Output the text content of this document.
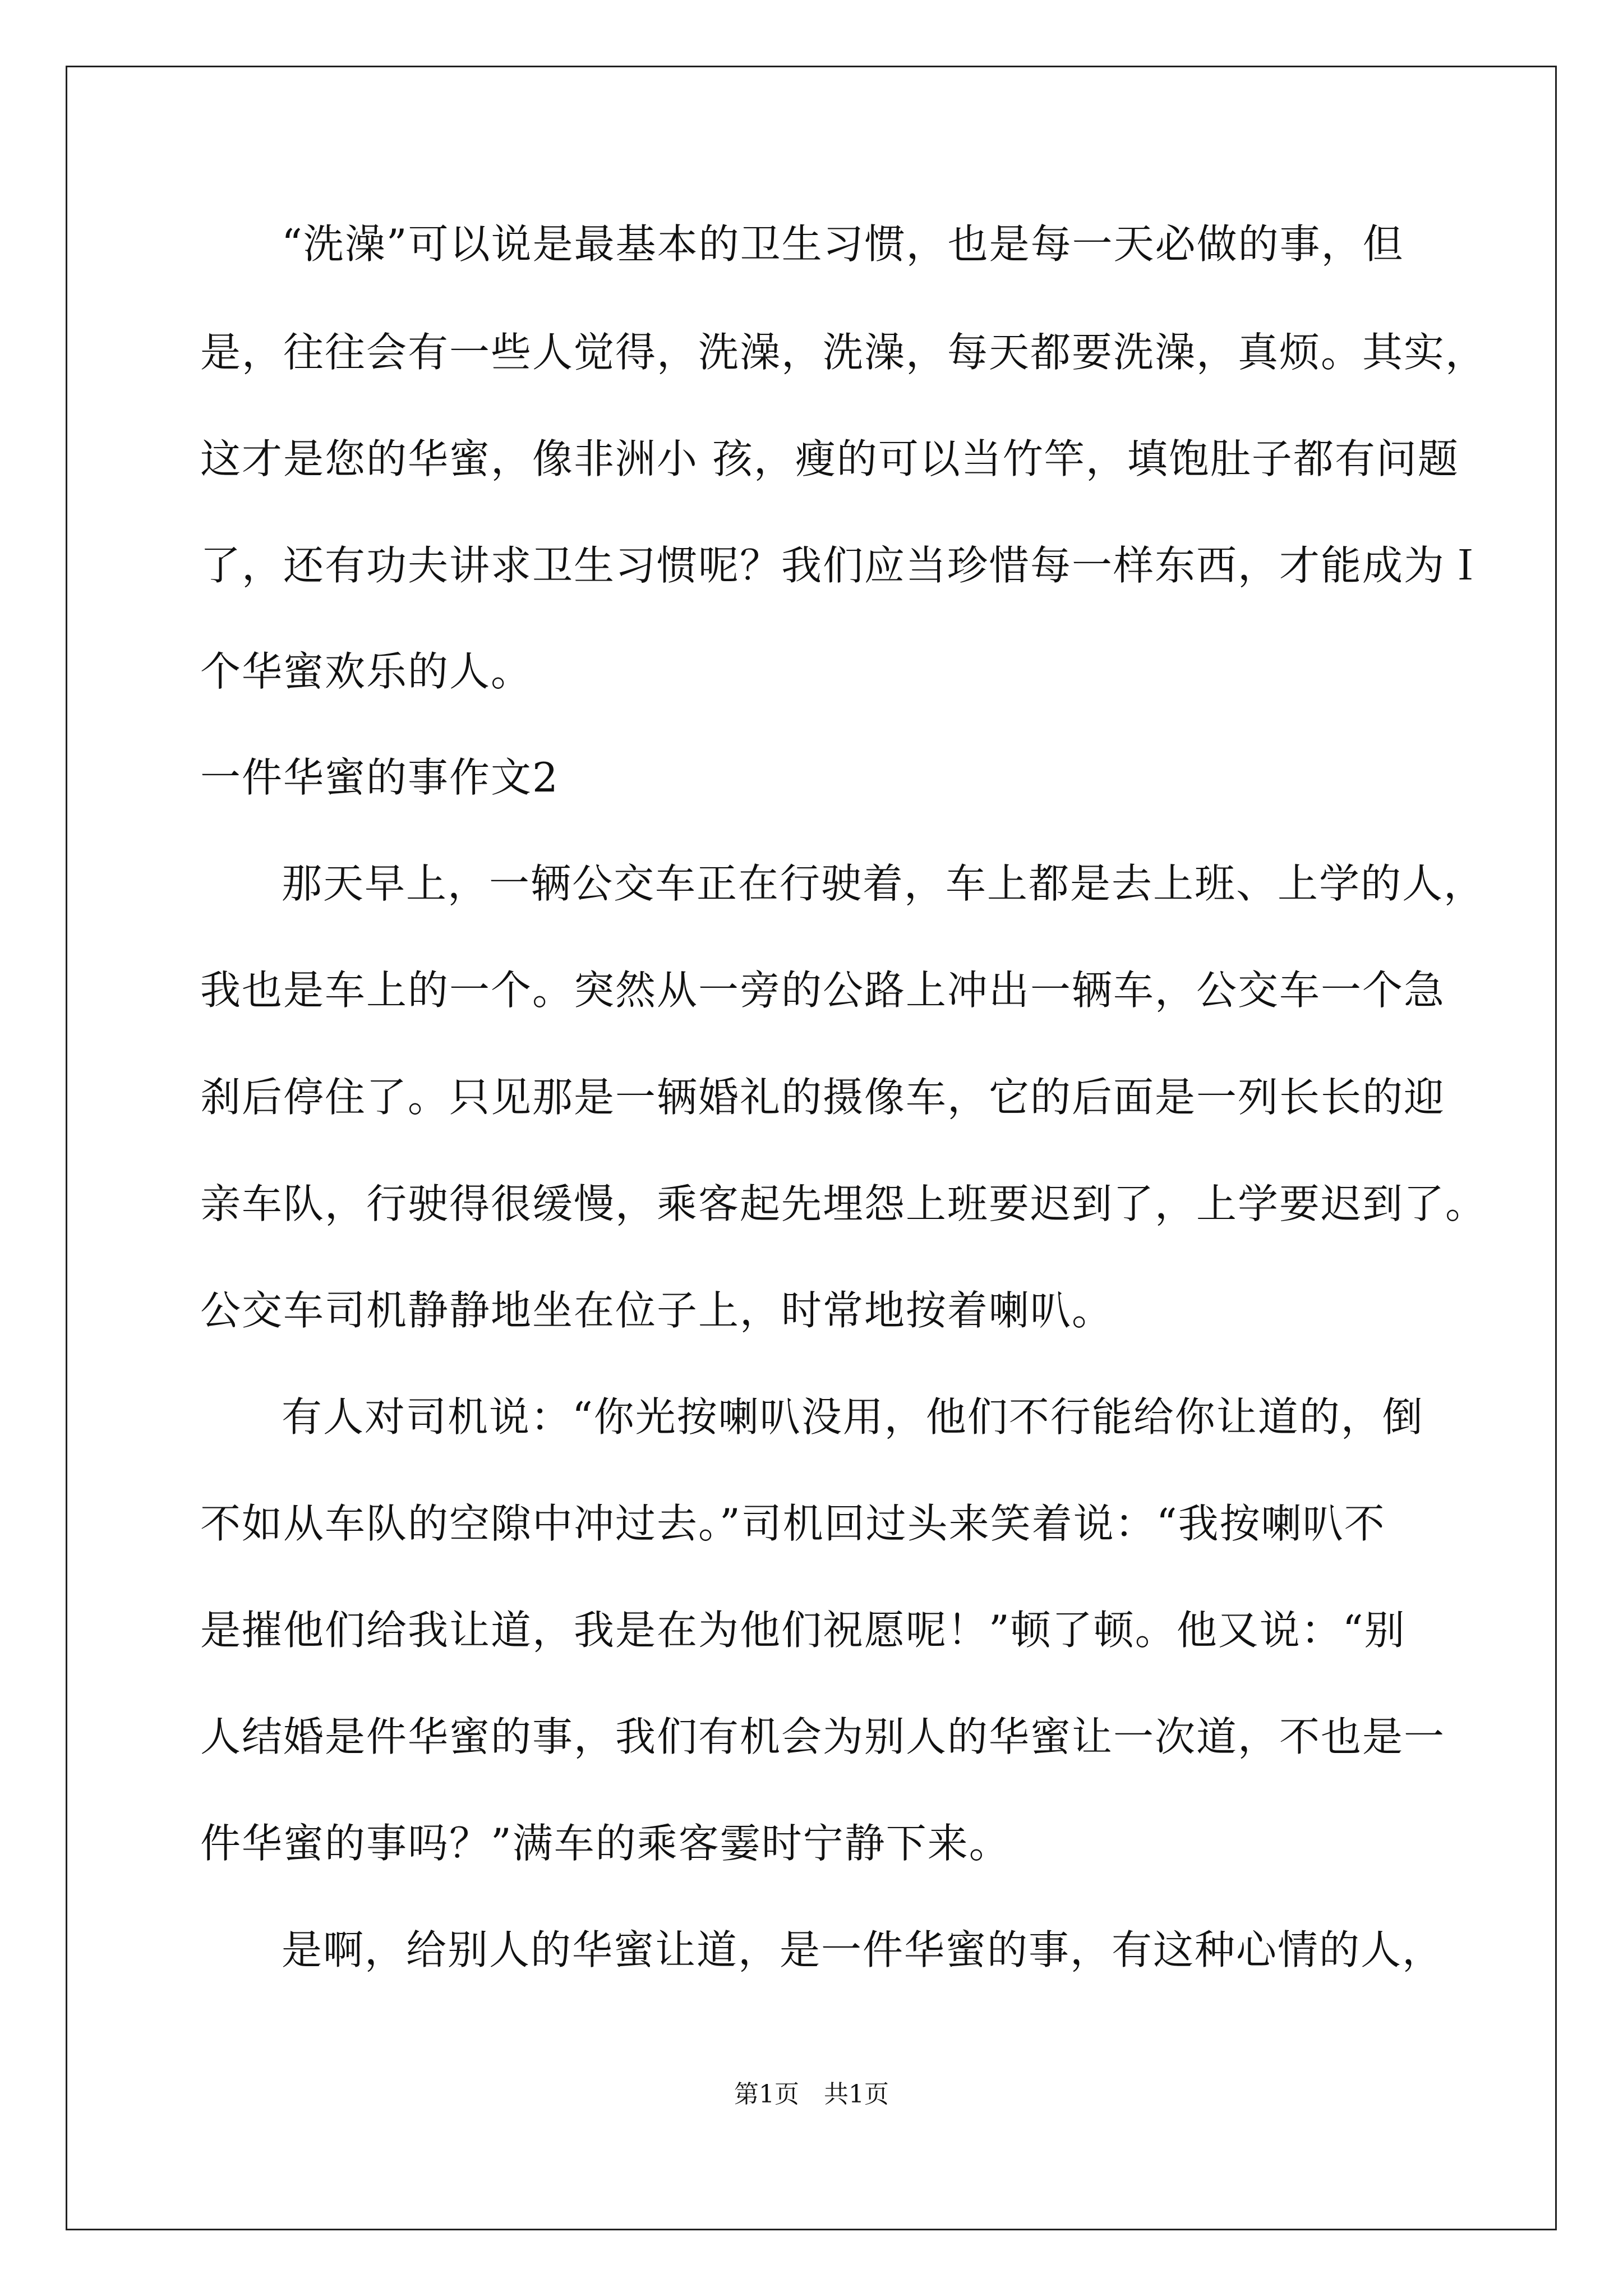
“洗澡”可以说是最基本的卫生习惯，也是每一天必做的事，但
是，往往会有一些人觉得，洗澡，洗澡，每天都要洗澡，真烦。其实，
这才是您的华蜜，像非洲小 孩，瘦的可以当竹竿，填饱肚子都有问题
了，还有功夫讲求卫生习惯呢？我们应当珍惜每一样东西，才能成为Ｉ
个华蜜欢乐的人。
一件华蜜的事作文2
那天早上，一辆公交车正在行驶着，车上都是去上班、上学的人，
我也是车上的一个。突然从一旁的公路上冲出一辆车，公交车一个急
刹后停住了。只见那是一辆婚礼的摄像车，它的后面是一列长长的迎
亲车队，行驶得很缓慢，乘客起先埋怨上班要迟到了，上学要迟到了。
公交车司机静静地坐在位子上，时常地按着喇叭。
有人对司机说：“你光按喇叭没用，他们不行能给你让道的，倒
不如从车队的空隙中冲过去。”司机回过头来笑着说：“我按喇叭不
是摧他们给我让道，我是在为他们祝愿呢！”顿了顿。他又说：“别
人结婚是件华蜜的事，我们有机会为别人的华蜜让一次道，不也是一
件华蜜的事吗？”满车的乘客霎时宁静下来。
是啊，给别人的华蜜让道，是一件华蜜的事，有这种心情的人，
第1页　共1页
